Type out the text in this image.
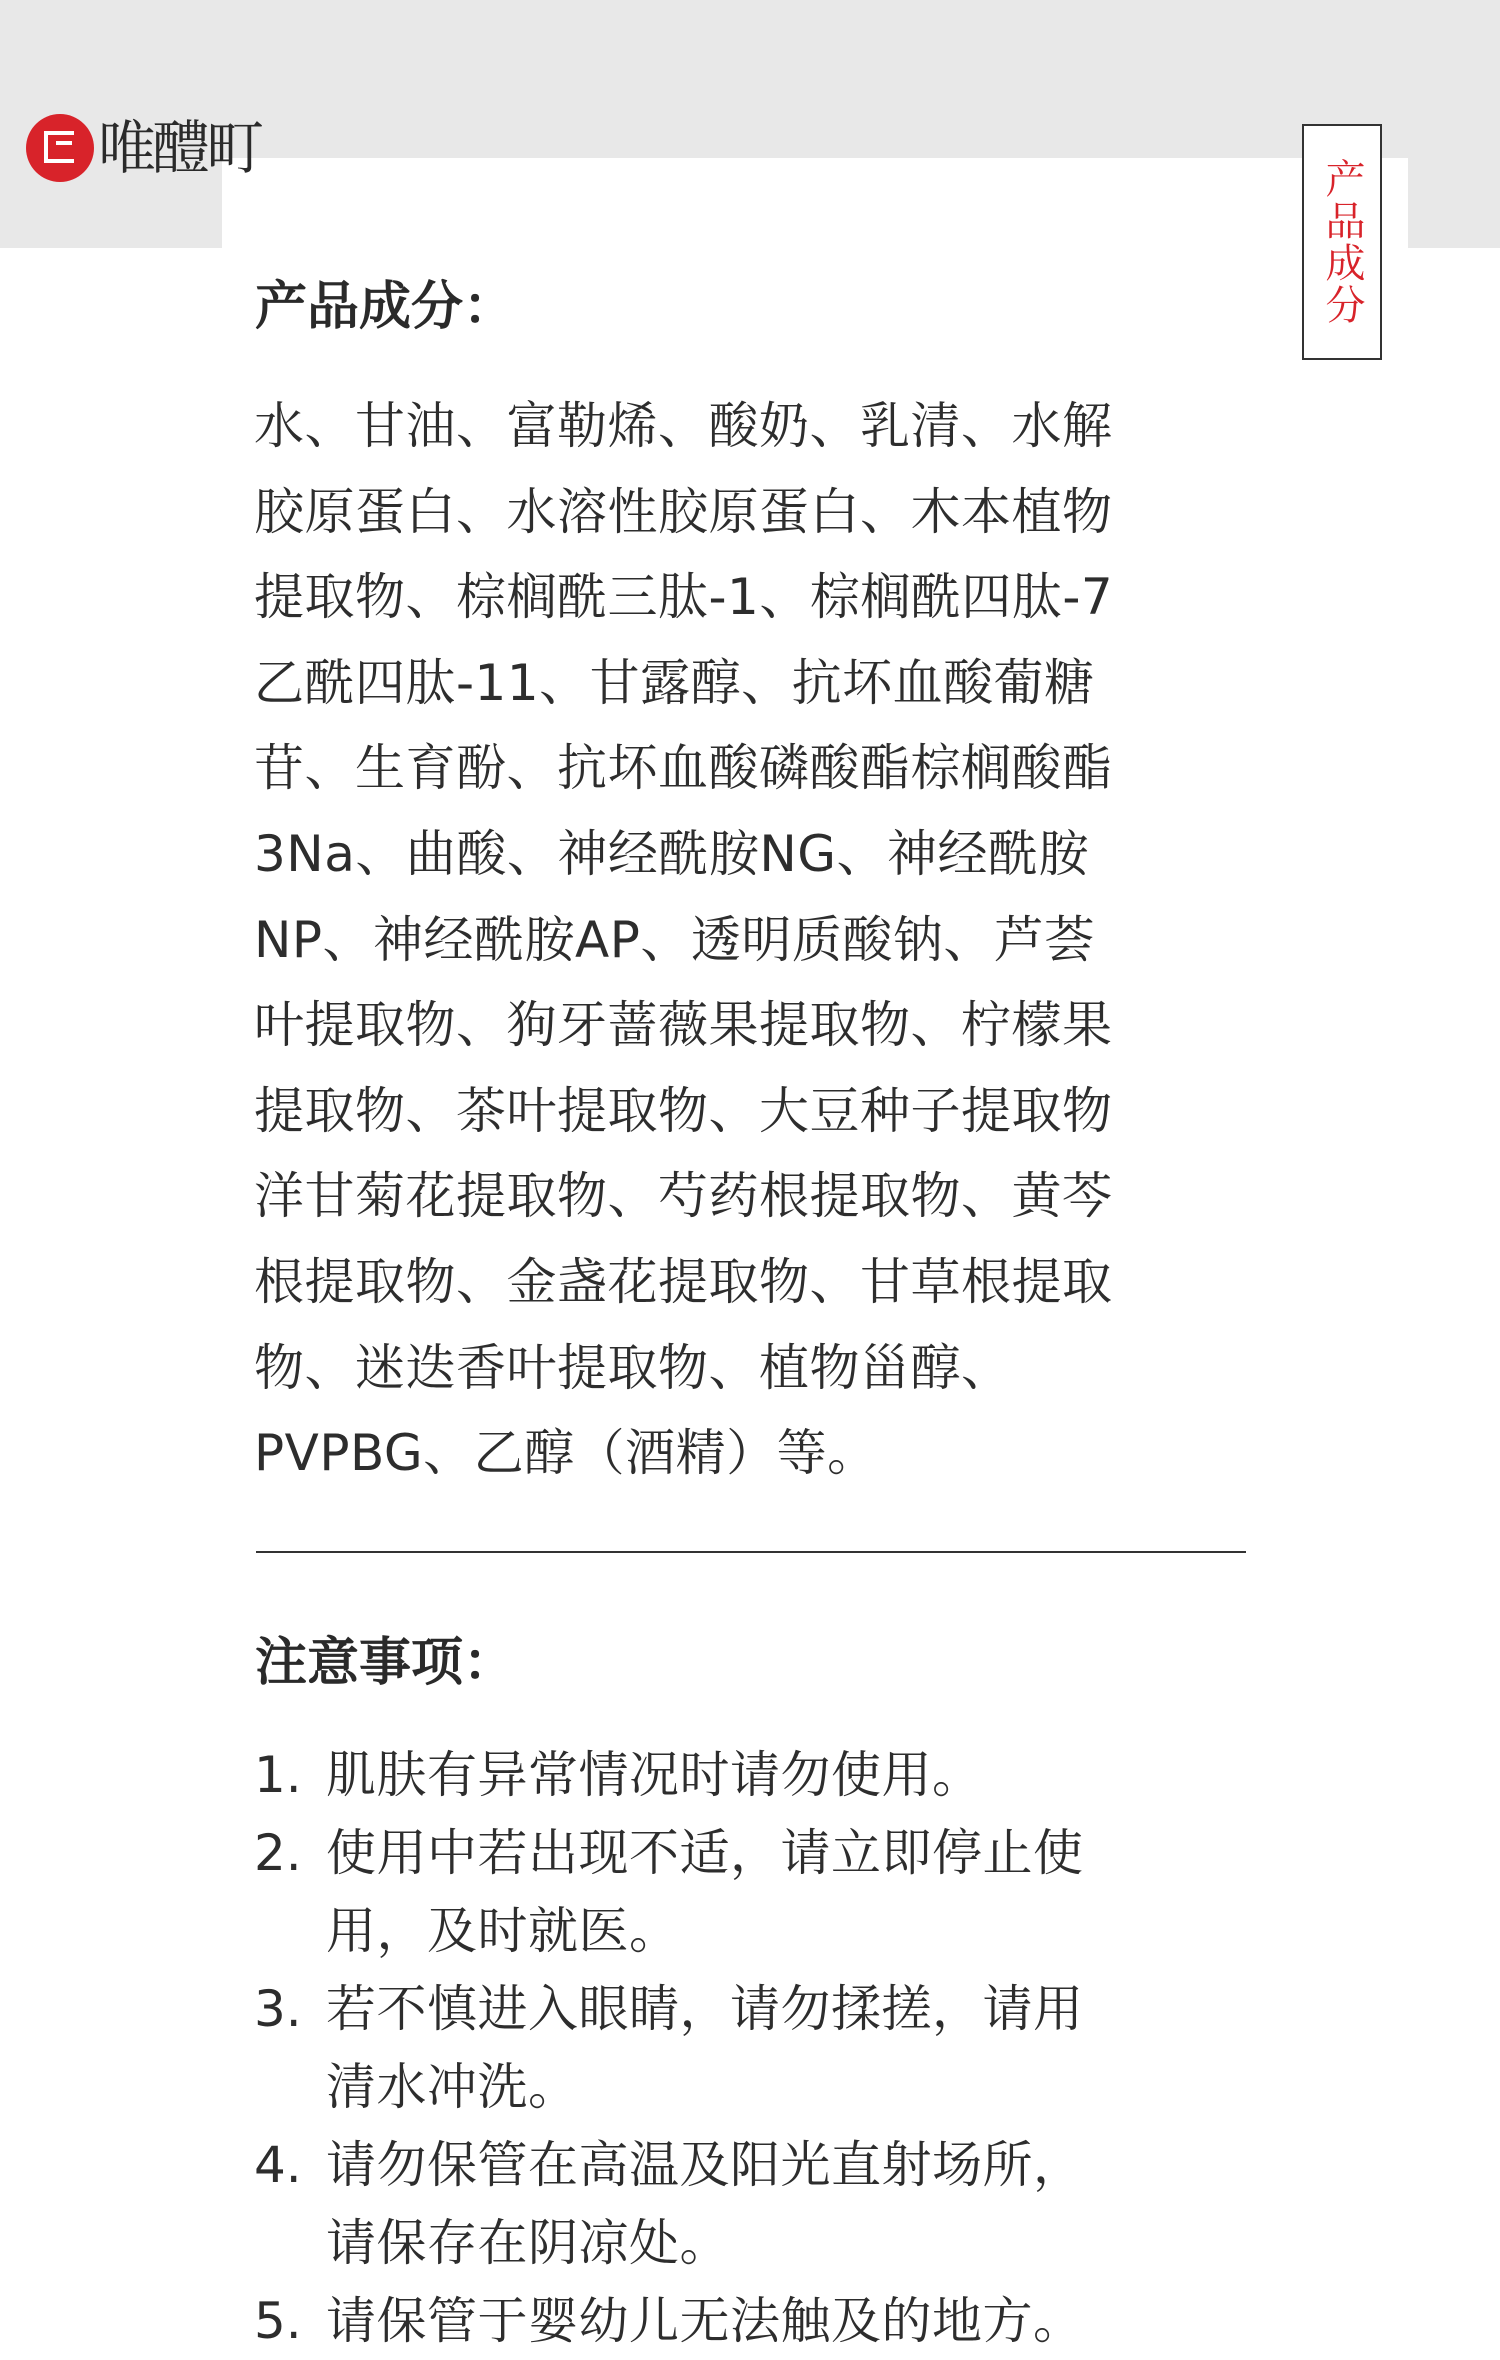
唯醴町
产品成分
产品成分：
水、甘油、富勒烯、酸奶、乳清、水解
胶原蛋白、水溶性胶原蛋白、木本植物
提取物、棕榈酰三肽-1、棕榈酰四肽-7
乙酰四肽-11、甘露醇、抗坏血酸葡糖
苷、生育酚、抗坏血酸磷酸酯棕榈酸酯
3Na、曲酸、神经酰胺NG、神经酰胺
NP、神经酰胺AP、透明质酸钠、芦荟
叶提取物、狗牙蔷薇果提取物、柠檬果
提取物、茶叶提取物、大豆种子提取物
洋甘菊花提取物、芍药根提取物、黄芩
根提取物、金盏花提取物、甘草根提取
物、迷迭香叶提取物、植物甾醇、
PVPBG、乙醇（酒精）等。
注意事项：
1. 肌肤有异常情况时请勿使用。
2. 使用中若出现不适，请立即停止使
用，及时就医。
3. 若不慎进入眼睛，请勿揉搓，请用
清水冲洗。
4. 请勿保管在高温及阳光直射场所，
请保存在阴凉处。
5. 请保管于婴幼儿无法触及的地方。
